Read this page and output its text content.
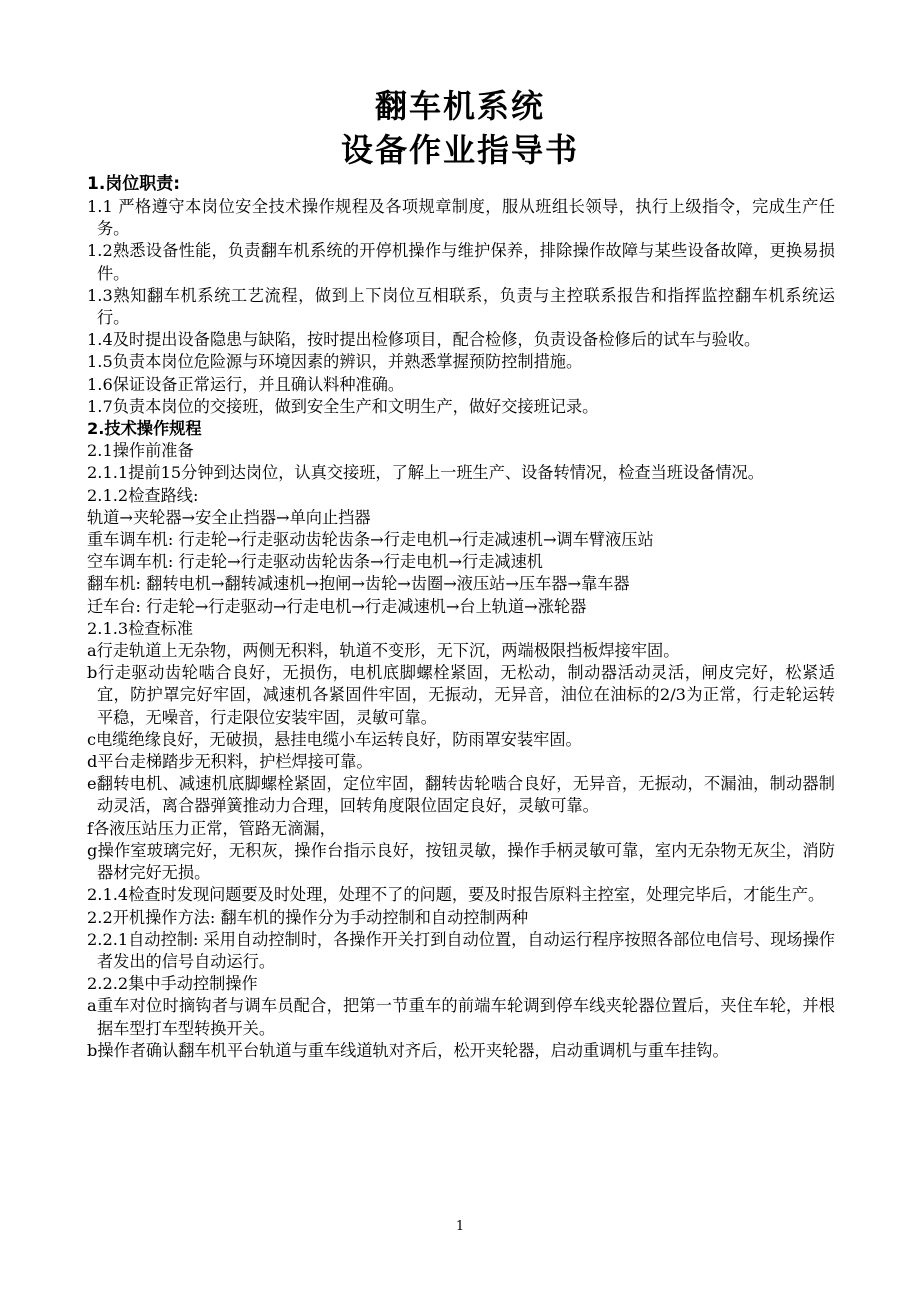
翻车机系统
设备作业指导书

1.岗位职责:

1.1 严格遵守本岗位安全技术操作规程及各项规章制度，服从班组长领导，执行上级指令，完成生产任务。

1.2熟悉设备性能，负责翻车机系统的开停机操作与维护保养，排除操作故障与某些设备故障，更换易损件。

1.3熟知翻车机系统工艺流程，做到上下岗位互相联系，负责与主控联系报告和指挥监控翻车机系统运行。

1.4及时提出设备隐患与缺陷，按时提出检修项目，配合检修，负责设备检修后的试车与验收。

1.5负责本岗位危险源与环境因素的辨识，并熟悉掌握预防控制措施。

1.6保证设备正常运行，并且确认料种准确。

1.7负责本岗位的交接班，做到安全生产和文明生产，做好交接班记录。

2.技术操作规程

2.1操作前准备

2.1.1提前15分钟到达岗位，认真交接班，了解上一班生产、设备转情况，检查当班设备情况。

2.1.2检查路线:

轨道→夹轮器→安全止挡器→单向止挡器

重车调车机: 行走轮→行走驱动齿轮齿条→行走电机→行走减速机→调车臂液压站

空车调车机: 行走轮→行走驱动齿轮齿条→行走电机→行走减速机

翻车机: 翻转电机→翻转减速机→抱闸→齿轮→齿圈→液压站→压车器→靠车器

迁车台: 行走轮→行走驱动→行走电机→行走减速机→台上轨道→涨轮器

2.1.3检查标准

a行走轨道上无杂物，两侧无积料，轨道不变形，无下沉，两端极限挡板焊接牢固。

b行走驱动齿轮啮合良好，无损伤，电机底脚螺栓紧固，无松动，制动器活动灵活，闸皮完好，松紧适宜，防护罩完好牢固，减速机各紧固件牢固，无振动，无异音，油位在油标的2/3为正常，行走轮运转平稳，无噪音，行走限位安装牢固，灵敏可靠。

c电缆绝缘良好，无破损，悬挂电缆小车运转良好，防雨罩安装牢固。

d平台走梯踏步无积料，护栏焊接可靠。

e翻转电机、减速机底脚螺栓紧固，定位牢固，翻转齿轮啮合良好，无异音，无振动，不漏油，制动器制动灵活，离合器弹簧推动力合理，回转角度限位固定良好，灵敏可靠。

f各液压站压力正常，管路无滴漏，

g操作室玻璃完好，无积灰，操作台指示良好，按钮灵敏，操作手柄灵敏可靠，室内无杂物无灰尘，消防器材完好无损。

2.1.4检查时发现问题要及时处理，处理不了的问题，要及时报告原料主控室，处理完毕后，才能生产。

2.2开机操作方法: 翻车机的操作分为手动控制和自动控制两种

2.2.1自动控制: 采用自动控制时，各操作开关打到自动位置，自动运行程序按照各部位电信号、现场操作者发出的信号自动运行。

2.2.2集中手动控制操作

a重车对位时摘钩者与调车员配合，把第一节重车的前端车轮调到停车线夹轮器位置后，夹住车轮，并根据车型打车型转换开关。

b操作者确认翻车机平台轨道与重车线道轨对齐后，松开夹轮器，启动重调机与重车挂钩。

1
